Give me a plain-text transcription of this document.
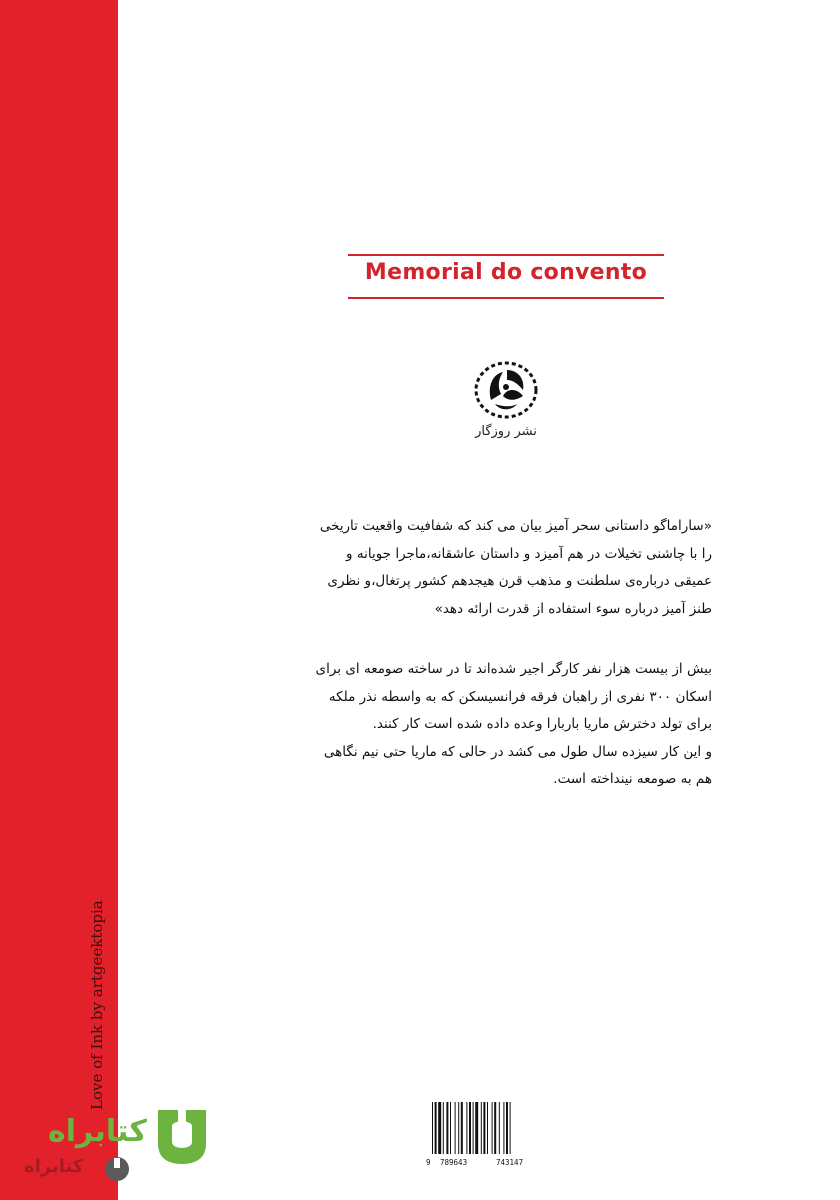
Love of Ink by artgeektopia
Memorial do convento
نشر روزگار

«ساراماگو داستانی سحر آمیز بیان می کند که شفافیت واقعیت تاریخی

را با چاشنی تخیلات در هم آمیزد و داستان عاشقانه،ماجرا جویانه و

عمیقی درباره‌ی سلطنت و مذهب قرن هیجدهم کشور پرتغال،و نظری

طنز آمیز درباره سوء استفاده از قدرت ارائه دهد»

بیش از بیست هزار نفر کارگر اجیر شده‌اند تا در ساخته صومعه ای برای

اسکان ۳۰۰ نفری از راهبان فرقه فرانسیسکن که به واسطه نذر ملکه

برای تولد دخترش ماریا باربارا وعده داده شده است کار کنند.

و این کار سیزده سال طول می کشد در حالی که ماریا حتی نیم نگاهی

هم به صومعه نینداخته است.

9 789643	743147
کتابراه
کتابراه
